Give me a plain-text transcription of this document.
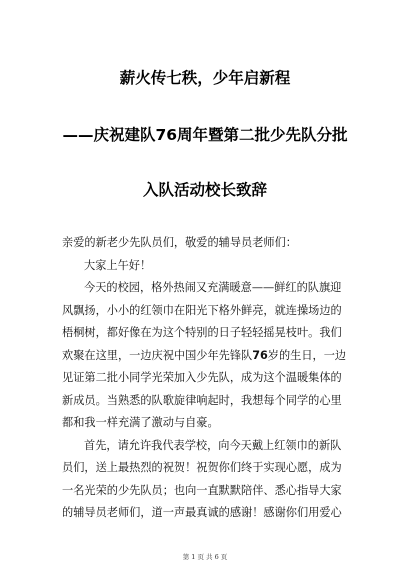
薪火传七秩，少年启新程
——庆祝建队76周年暨第二批少先队分批
入队活动校长致辞

亲爱的新老少先队员们，敬爱的辅导员老师们：

大家上午好！

今天的校园，格外热闹又充满暖意——鲜红的队旗迎
风飘扬，小小的红领巾在阳光下格外鲜亮，就连操场边的
梧桐树，都好像在为这个特别的日子轻轻摇晃枝叶。我们
欢聚在这里，一边庆祝中国少年先锋队76岁的生日，一边
见证第二批小同学光荣加入少先队，成为这个温暖集体的
新成员。当熟悉的队歌旋律响起时，我想每个同学的心里
都和我一样充满了激动与自豪。
首先，请允许我代表学校，向今天戴上红领巾的新队
员们，送上最热烈的祝贺！祝贺你们终于实现心愿，成为
一名光荣的少先队员；也向一直默默陪伴、悉心指导大家
的辅导员老师们，道一声最真诚的感谢！感谢你们用爱心
第 1 页 共 6 页
